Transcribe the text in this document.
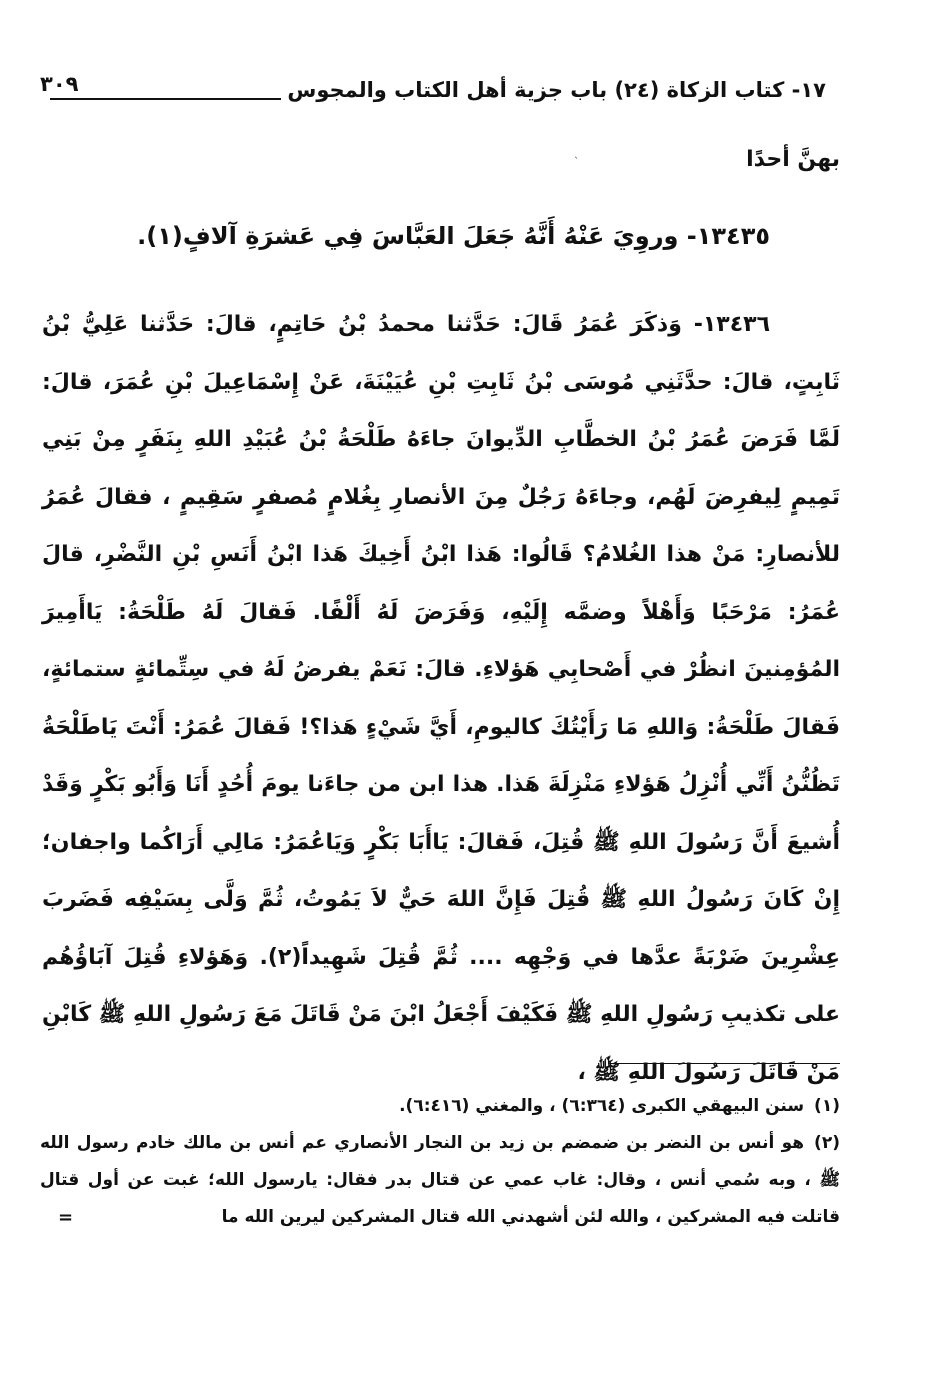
١٧- كتاب الزكاة (٢٤) باب جزية أهل الكتاب والمجوس
٣٠٩
ˎ	بهنَّ أحدًا
١٣٤٣٥- وروِيَ عَنْهُ أَنَّهُ جَعَلَ العَبَّاسَ فِي عَشرَةِ آلافٍ(١).
١٣٤٣٦- وَذكَرَ عُمَرُ قَالَ: حَدَّثنا محمدُ بْنُ حَاتِمٍ، قالَ: حَدَّثنا عَلِيُّ بْنُ ثَابِتٍ، قالَ: حدَّثَنِي مُوسَى بْنُ ثَابِتِ بْنِ عُيَيْنَةَ، عَنْ إِسْمَاعِيلَ بْنِ عُمَرَ، قالَ: لَمَّا فَرَضَ عُمَرُ بْنُ الخطَّابِ الدِّيوانَ جاءَهُ طَلْحَةُ بْنُ عُبَيْدِ اللهِ بِنَفَرٍ مِنْ بَنِي تَمِيمٍ لِيفرِضَ لَهُم، وجاءَهُ رَجُلٌ مِنَ الأنصارِ بِغُلامٍ مُصفرٍ سَقِيمٍ ، فقالَ عُمَرُ للأنصارِ: مَنْ هذا الغُلامُ؟ قَالُوا: هَذا ابْنُ أَخِيكَ هَذا ابْنُ أَنَسِ بْنِ النَّضْرِ، قالَ عُمَرُ: مَرْحَبًا وَأَهْلاً وضمَّه إِلَيْهِ، وَفَرَضَ لَهُ أَلْفًا. فَقالَ لَهُ طَلْحَةُ: يَاأَمِيرَ المُؤمِنينَ انظُرْ في أَصْحابِي هَؤلاءِ. قالَ: نَعَمْ يفرضُ لَهُ في سِتِّمائةٍ ستمائةٍ، فَقالَ طَلْحَةُ: وَاللهِ مَا رَأَيْتُكَ كاليومِ، أَيَّ شَيْءٍ هَذا؟! فَقالَ عُمَرُ: أَنْتَ يَاطَلْحَةُ تَظُنُّنُ أَنِّي أُنْزِلُ هَؤلاءِ مَنْزِلَةَ هَذا. هذا ابن من جاءَنا يومَ أُحُدٍ أَنَا وَأَبُو بَكْرٍ وَقَدْ أُشيعَ أَنَّ رَسُولَ اللهِ ﷺ قُتِلَ، فَقالَ: يَاأَبَا بَكْرٍ وَيَاعُمَرُ: مَالِي أَرَاكُما واجفان؛ إِنْ كَانَ رَسُولُ اللهِ ﷺ قُتِلَ فَإِنَّ اللهَ حَيٌّ لاَ يَمُوتُ، ثُمَّ وَلَّى بِسَيْفِه فَضَربَ عِشْرِينَ ضَرْبَةً عدَّها في وَجْهِه .... ثُمَّ قُتِلَ شَهِيداً(٢). وَهَؤلاءِ قُتِلَ آبَاؤُهُم على تكذيبِ رَسُولِ اللهِ ﷺ فَكَيْفَ أَجْعَلُ ابْنَ مَنْ قَاتَلَ مَعَ رَسُولِ اللهِ ﷺ كَابْنِ مَنْ قَاتَلَ رَسُولَ اللهِ ﷺ ،

(١)سنن البيهقي الكبرى (٦:٣٦٤) ، والمغني (٦:٤١٦).

(٢)هو أنس بن النضر بن ضمضم بن زيد بن النجار الأنصاري عم أنس بن مالك خادم رسول الله ﷺ ، وبه سُمي أنس ، وقال: غاب عمي عن قتال بدر فقال: يارسول الله؛ غبت عن أول قتال قاتلت فيه المشركين ، والله لئن أشهدني الله قتال المشركين ليرين الله ما

=
